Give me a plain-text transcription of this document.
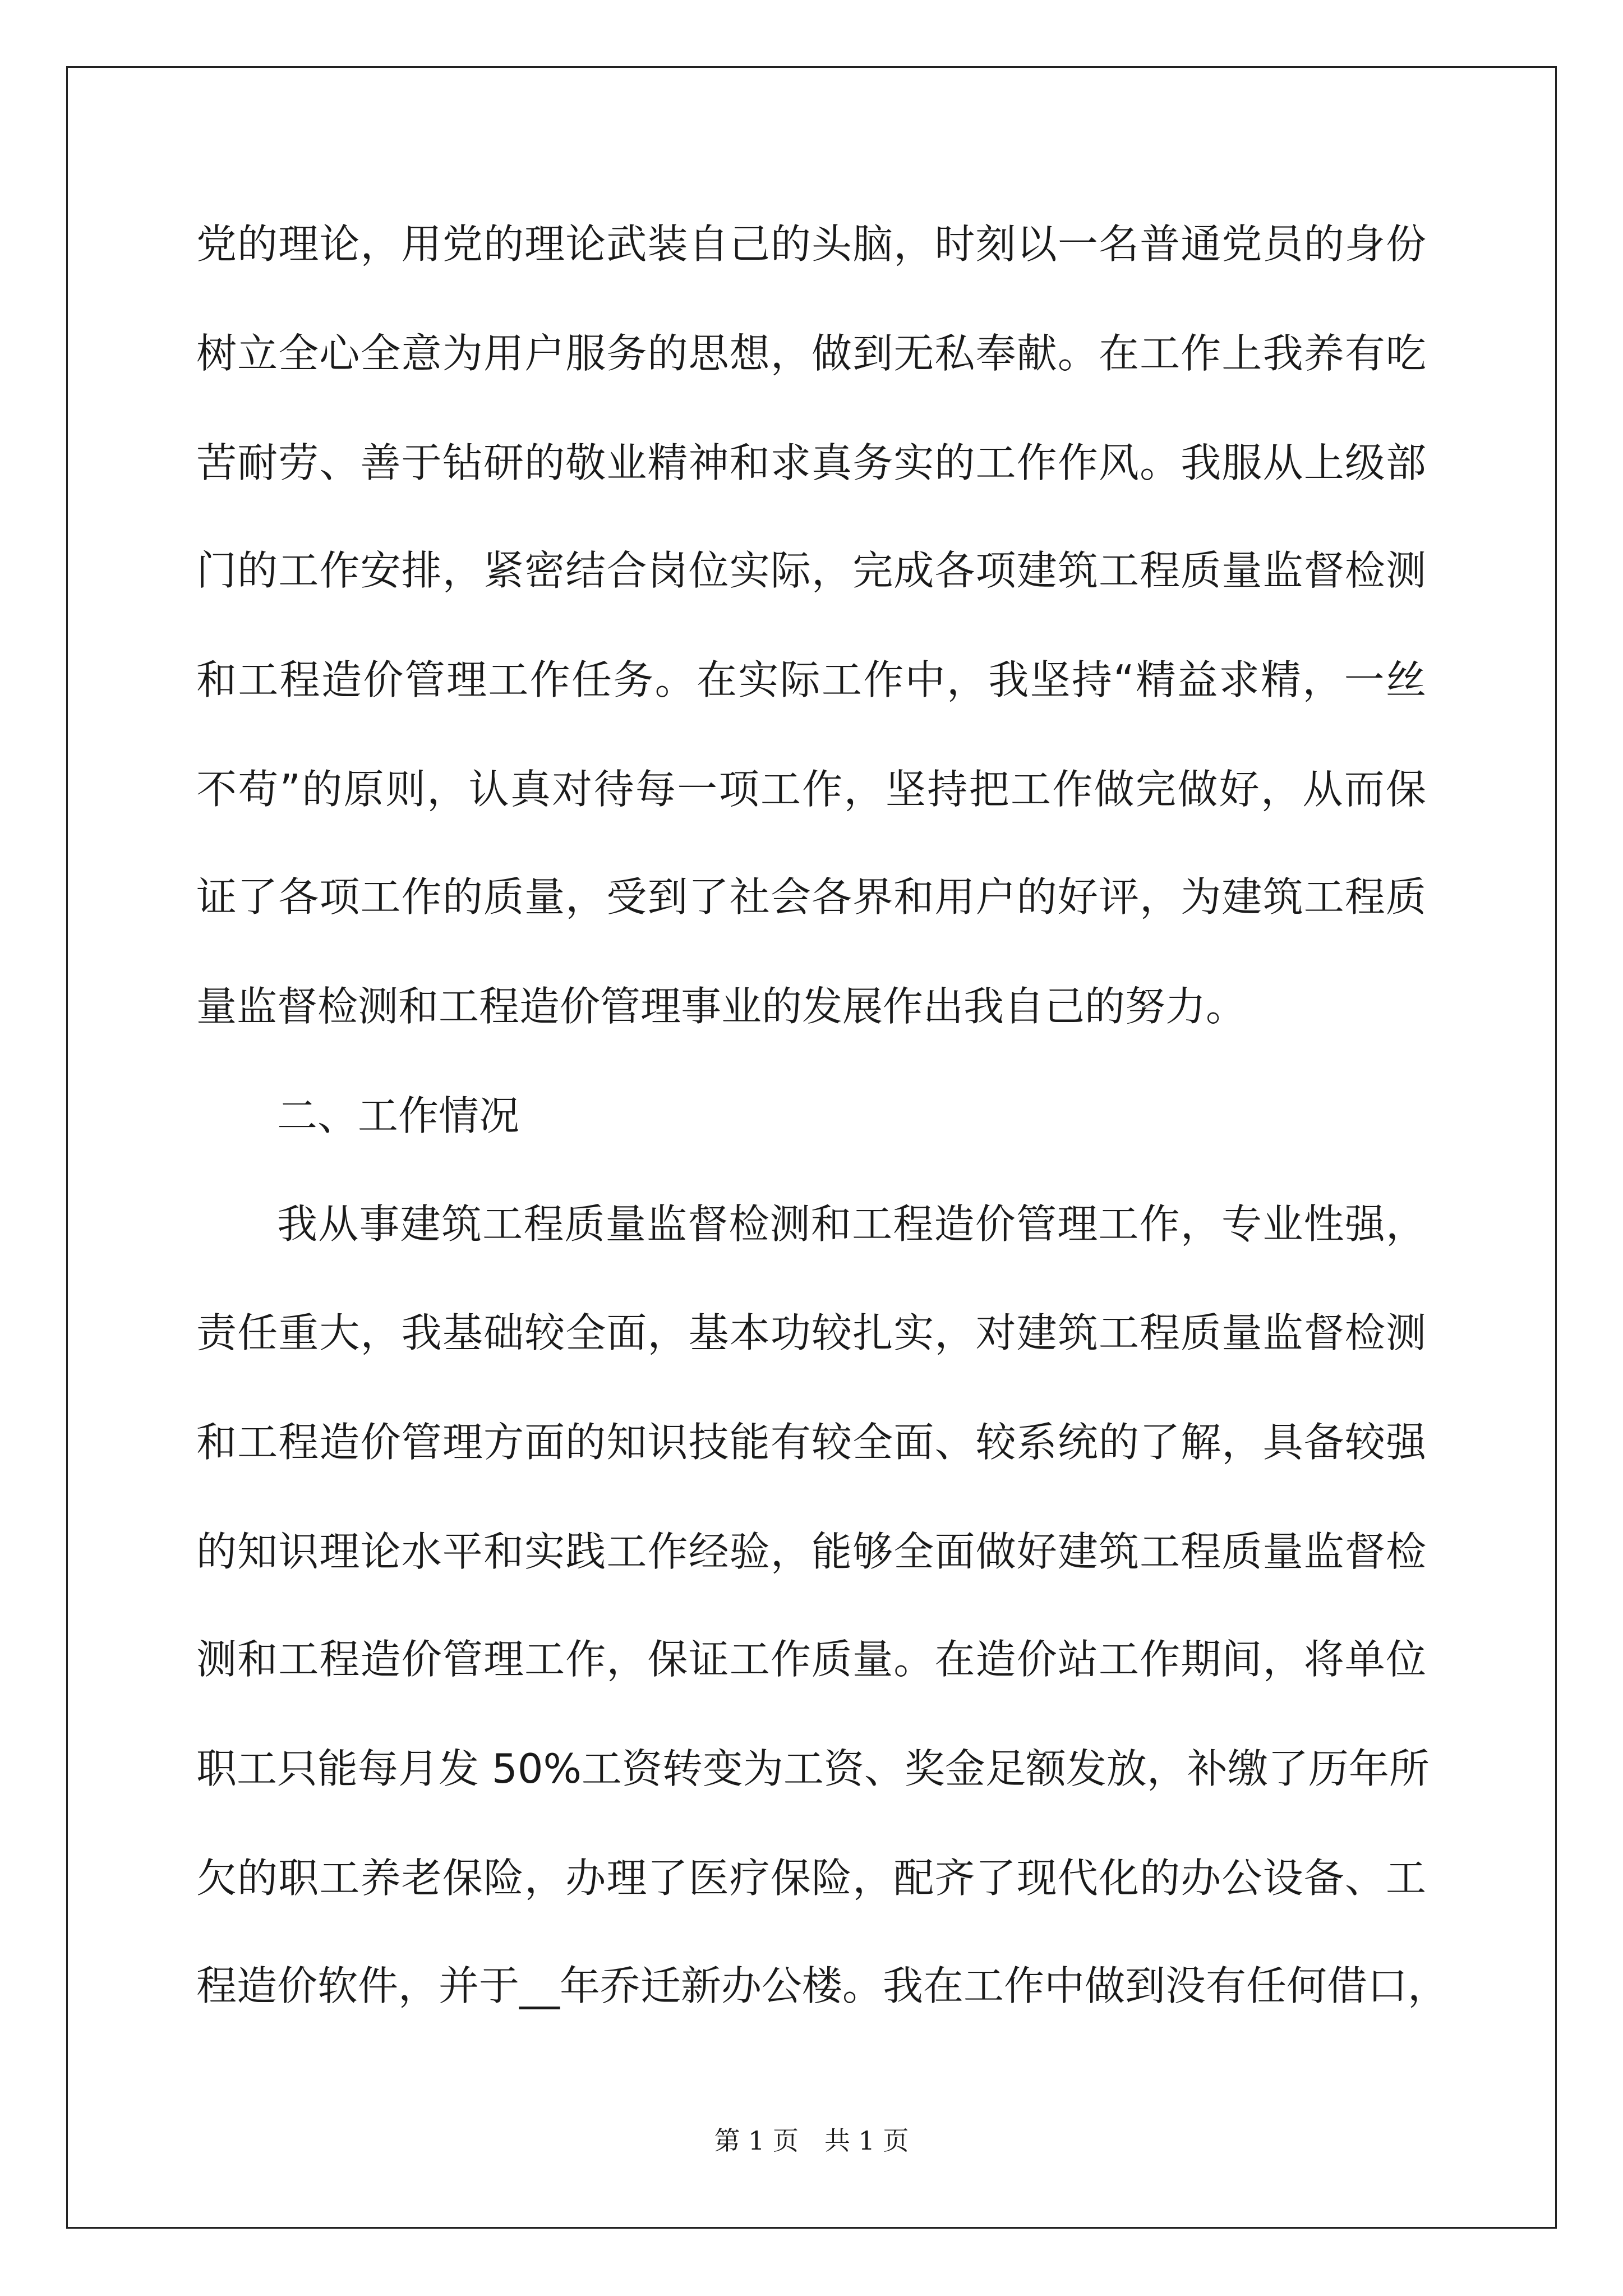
党的理论，用党的理论武装自己的头脑，时刻以一名普通党员的身份
树立全心全意为用户服务的思想，做到无私奉献。在工作上我养有吃
苦耐劳、善于钻研的敬业精神和求真务实的工作作风。我服从上级部
门的工作安排，紧密结合岗位实际，完成各项建筑工程质量监督检测
和工程造价管理工作任务。在实际工作中，我坚持“精益求精，一丝
不苟”的原则，认真对待每一项工作，坚持把工作做完做好，从而保
证了各项工作的质量，受到了社会各界和用户的好评，为建筑工程质
量监督检测和工程造价管理事业的发展作出我自己的努力。
二、工作情况
我从事建筑工程质量监督检测和工程造价管理工作，专业性强，
责任重大，我基础较全面，基本功较扎实，对建筑工程质量监督检测
和工程造价管理方面的知识技能有较全面、较系统的了解，具备较强
的知识理论水平和实践工作经验，能够全面做好建筑工程质量监督检
测和工程造价管理工作，保证工作质量。在造价站工作期间，将单位
职工只能每月发 50%工资转变为工资、奖金足额发放，补缴了历年所
欠的职工养老保险，办理了医疗保险，配齐了现代化的办公设备、工
程造价软件，并于__年乔迁新办公楼。我在工作中做到没有任何借口，
第 1 页　共 1 页
